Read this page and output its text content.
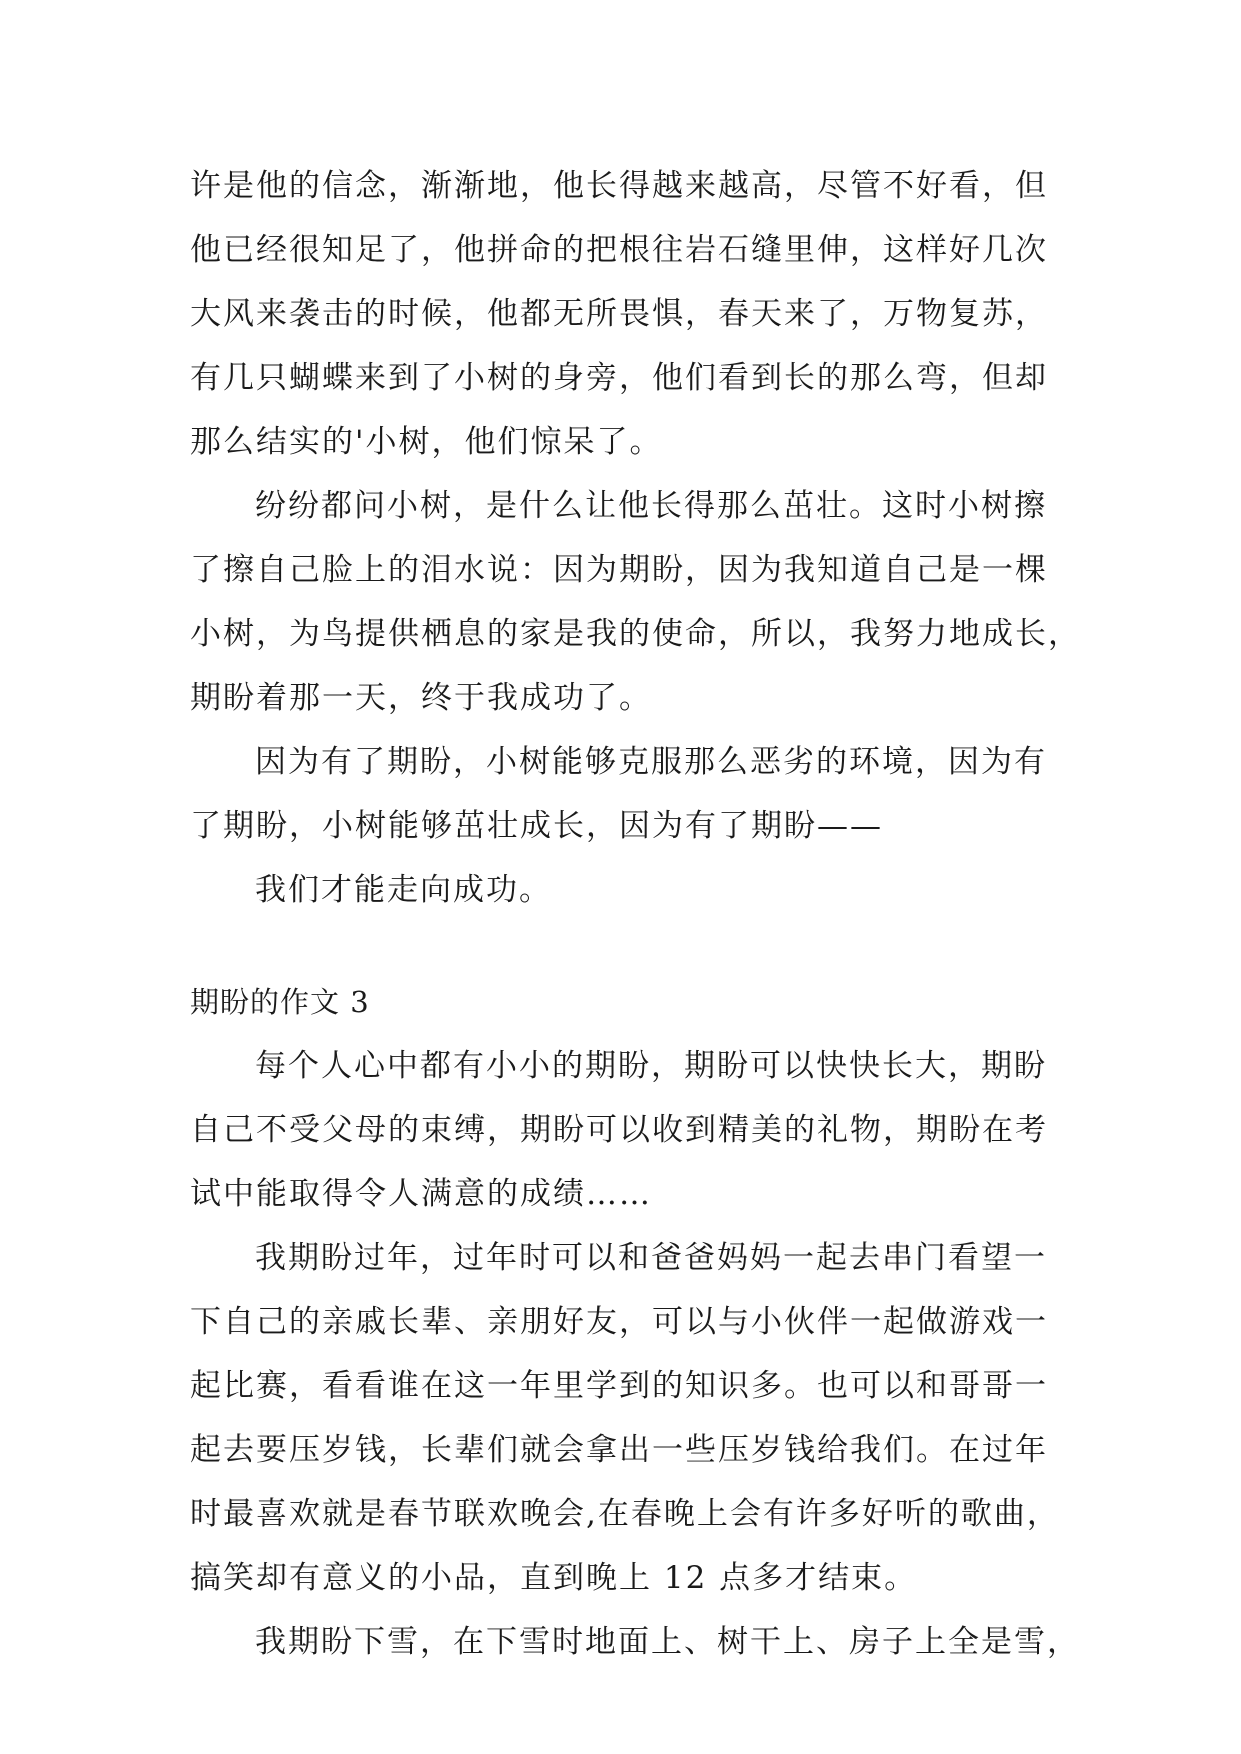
许是他的信念，渐渐地，他长得越来越高，尽管不好看，但
他已经很知足了，他拼命的把根往岩石缝里伸，这样好几次
大风来袭击的时候，他都无所畏惧，春天来了，万物复苏，
有几只蝴蝶来到了小树的身旁，他们看到长的那么弯，但却
那么结实的'小树，他们惊呆了。
纷纷都问小树，是什么让他长得那么茁壮。这时小树擦
了擦自己脸上的泪水说：因为期盼，因为我知道自己是一棵
小树，为鸟提供栖息的家是我的使命，所以，我努力地成长，
期盼着那一天，终于我成功了。
因为有了期盼，小树能够克服那么恶劣的环境，因为有
了期盼，小树能够茁壮成长，因为有了期盼——
我们才能走向成功。
期盼的作文 3
每个人心中都有小小的期盼，期盼可以快快长大，期盼
自己不受父母的束缚，期盼可以收到精美的礼物，期盼在考
试中能取得令人满意的成绩……
我期盼过年，过年时可以和爸爸妈妈一起去串门看望一
下自己的亲戚长辈、亲朋好友，可以与小伙伴一起做游戏一
起比赛，看看谁在这一年里学到的知识多。也可以和哥哥一
起去要压岁钱，长辈们就会拿出一些压岁钱给我们。在过年
时最喜欢就是春节联欢晚会,在春晚上会有许多好听的歌曲，
搞笑却有意义的小品，直到晚上 12 点多才结束。
我期盼下雪，在下雪时地面上、树干上、房子上全是雪，
